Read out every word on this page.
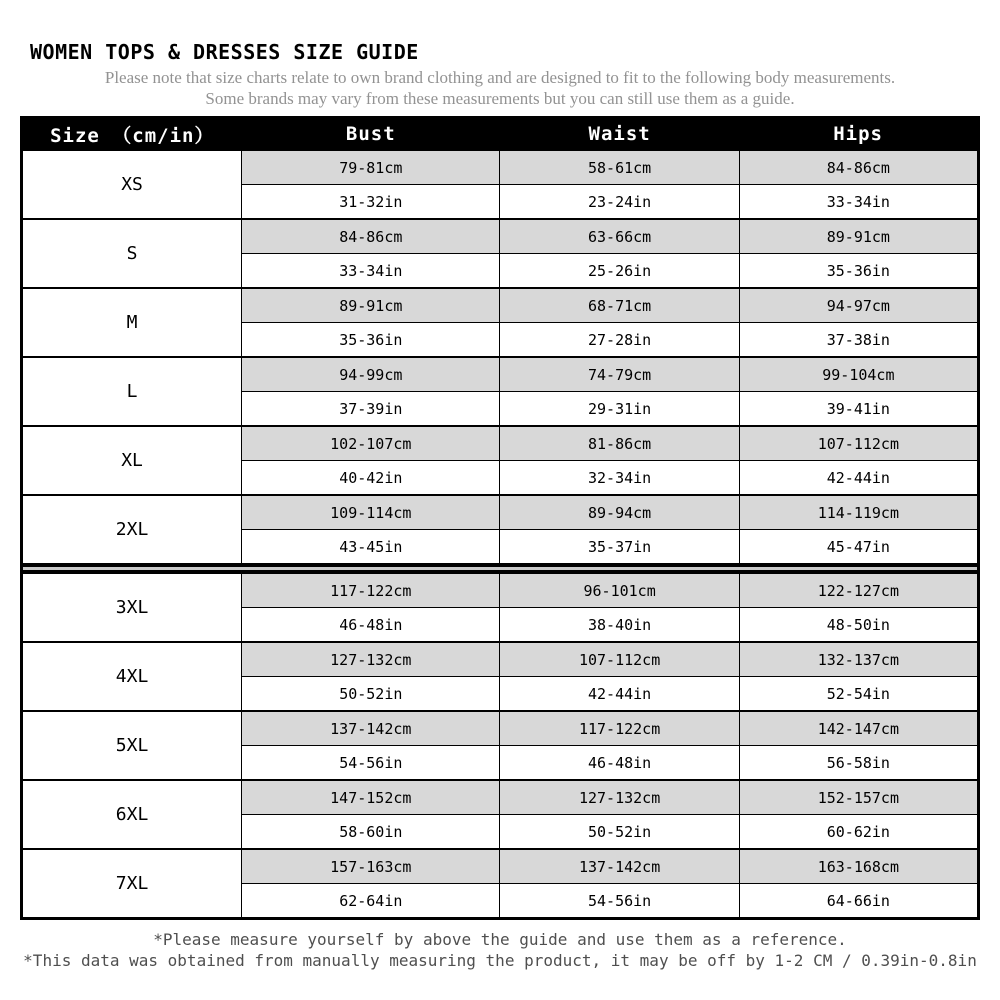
WOMEN TOPS & DRESSES SIZE GUIDE

Please note that size charts relate to own brand clothing and are designed to fit to the following body measurements.

Some brands may vary from these measurements but you can still use them as a guide.

Size （cm/in）	Bust	Waist	Hips
XS	79-81cm	58-61cm	84-86cm
	31-32in	23-24in	33-34in
S	84-86cm	63-66cm	89-91cm
	33-34in	25-26in	35-36in
M	89-91cm	68-71cm	94-97cm
	35-36in	27-28in	37-38in
L	94-99cm	74-79cm	99-104cm
	37-39in	29-31in	39-41in
XL	102-107cm	81-86cm	107-112cm
	40-42in	32-34in	42-44in
2XL	109-114cm	89-94cm	114-119cm
	43-45in	35-37in	45-47in
3XL	117-122cm	96-101cm	122-127cm
	46-48in	38-40in	48-50in
4XL	127-132cm	107-112cm	132-137cm
	50-52in	42-44in	52-54in
5XL	137-142cm	117-122cm	142-147cm
	54-56in	46-48in	56-58in
6XL	147-152cm	127-132cm	152-157cm
	58-60in	50-52in	60-62in
7XL	157-163cm	137-142cm	163-168cm
	62-64in	54-56in	64-66in

*Please measure yourself by above the guide and use them as a reference.

*This data was obtained from manually measuring the product, it may be off by 1-2 CM / 0.39in-0.8in
